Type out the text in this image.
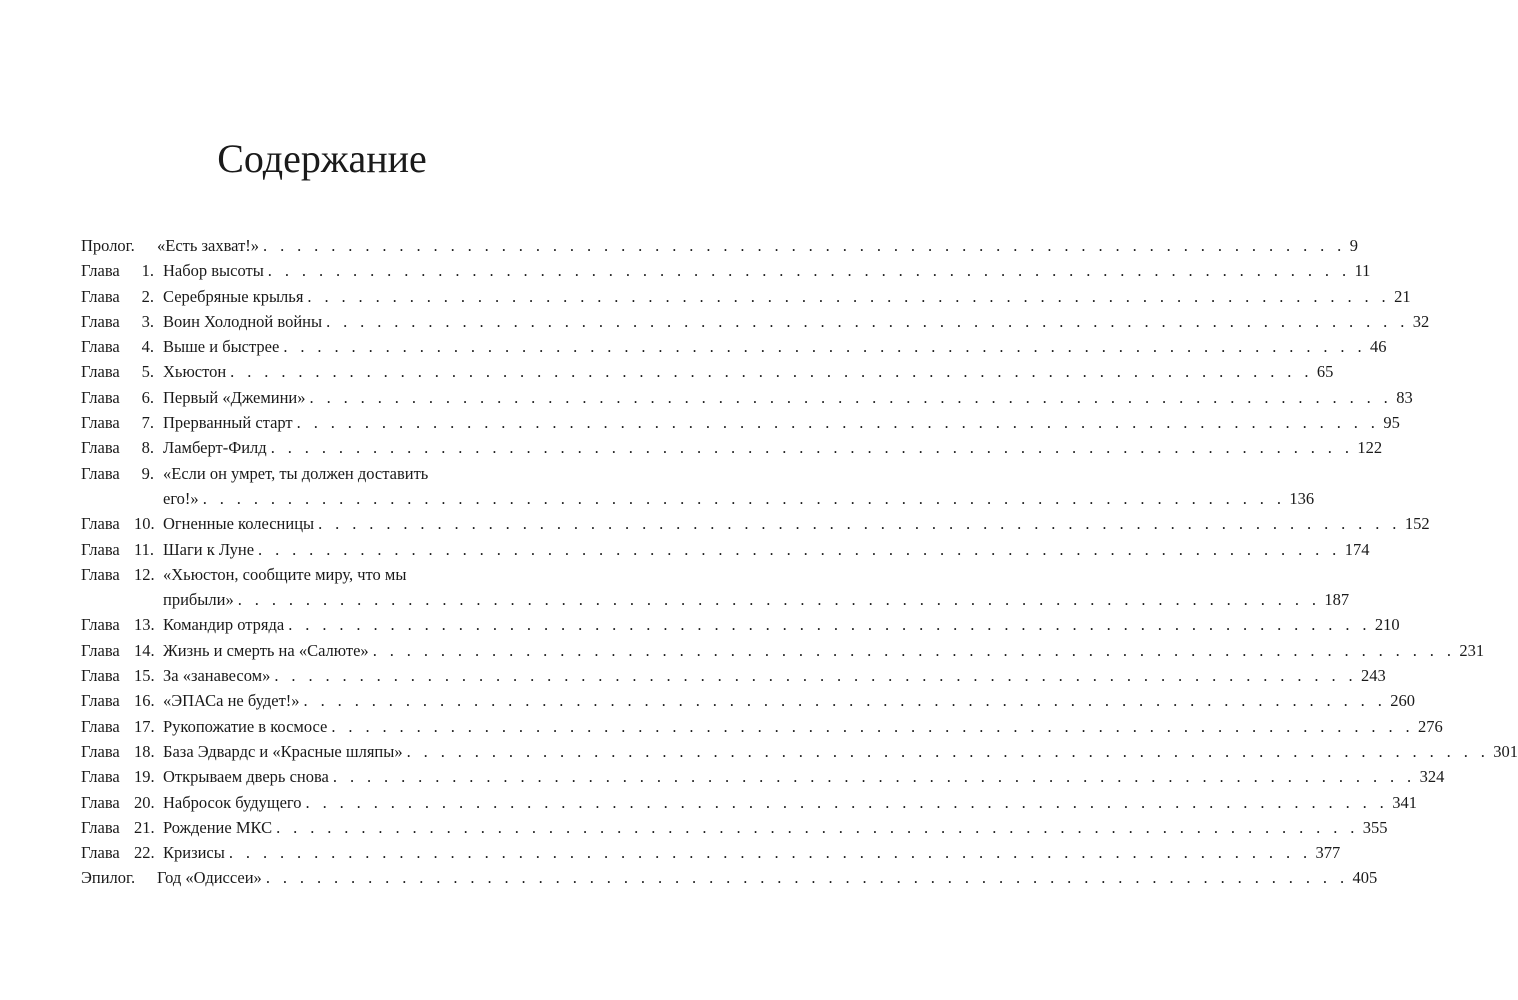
Содержание
Пролог.	«Есть захват!» . . . . . . . . . . . . . . . . . . . . . . . . . . . . . . . . . . . . . . . . . . . . . . . . . . . . . . . . . . . . . . . . 9
Глава	1. Набор высоты . . . . . . . . . . . . . . . . . . . . . . . . . . . . . . . . . . . . . . . . . . . . . . . . . . . . . . . . . . . . . . . . 11
Глава	2. Серебряные крылья . . . . . . . . . . . . . . . . . . . . . . . . . . . . . . . . . . . . . . . . . . . . . . . . . . . . . . . . . . . . . . . . 21
Глава	3. Воин Холодной войны . . . . . . . . . . . . . . . . . . . . . . . . . . . . . . . . . . . . . . . . . . . . . . . . . . . . . . . . . . . . . . . . 32
Глава	4. Выше и быстрее . . . . . . . . . . . . . . . . . . . . . . . . . . . . . . . . . . . . . . . . . . . . . . . . . . . . . . . . . . . . . . . . 46
Глава	5. Хьюстон . . . . . . . . . . . . . . . . . . . . . . . . . . . . . . . . . . . . . . . . . . . . . . . . . . . . . . . . . . . . . . . . 65
Глава	6. Первый «Джемини» . . . . . . . . . . . . . . . . . . . . . . . . . . . . . . . . . . . . . . . . . . . . . . . . . . . . . . . . . . . . . . . . 83
Глава	7. Прерванный старт . . . . . . . . . . . . . . . . . . . . . . . . . . . . . . . . . . . . . . . . . . . . . . . . . . . . . . . . . . . . . . . . 95
Глава	8. Ламберт-Филд . . . . . . . . . . . . . . . . . . . . . . . . . . . . . . . . . . . . . . . . . . . . . . . . . . . . . . . . . . . . . . . . 122
Глава	9. «Если он умрет, ты должен доставить
его!» . . . . . . . . . . . . . . . . . . . . . . . . . . . . . . . . . . . . . . . . . . . . . . . . . . . . . . . . . . . . . . . . 136
Глава 10. Огненные колесницы . . . . . . . . . . . . . . . . . . . . . . . . . . . . . . . . . . . . . . . . . . . . . . . . . . . . . . . . . . . . . . . . 152
Глава 11. Шаги к Луне . . . . . . . . . . . . . . . . . . . . . . . . . . . . . . . . . . . . . . . . . . . . . . . . . . . . . . . . . . . . . . . . 174
Глава 12. «Хьюстон, сообщите миру, что мы
прибыли» . . . . . . . . . . . . . . . . . . . . . . . . . . . . . . . . . . . . . . . . . . . . . . . . . . . . . . . . . . . . . . . . 187
Глава 13. Командир отряда . . . . . . . . . . . . . . . . . . . . . . . . . . . . . . . . . . . . . . . . . . . . . . . . . . . . . . . . . . . . . . . . 210
Глава 14. Жизнь и смерть на «Салюте» . . . . . . . . . . . . . . . . . . . . . . . . . . . . . . . . . . . . . . . . . . . . . . . . . . . . . . . . . . . . . . . . 231
Глава 15. За «занавесом» . . . . . . . . . . . . . . . . . . . . . . . . . . . . . . . . . . . . . . . . . . . . . . . . . . . . . . . . . . . . . . . . 243
Глава 16. «ЭПАСа не будет!» . . . . . . . . . . . . . . . . . . . . . . . . . . . . . . . . . . . . . . . . . . . . . . . . . . . . . . . . . . . . . . . . 260
Глава 17. Рукопожатие в космосе . . . . . . . . . . . . . . . . . . . . . . . . . . . . . . . . . . . . . . . . . . . . . . . . . . . . . . . . . . . . . . . . 276
Глава 18. База Эдвардс и «Красные шляпы» . . . . . . . . . . . . . . . . . . . . . . . . . . . . . . . . . . . . . . . . . . . . . . . . . . . . . . . . . . . . . . . . 301
Глава 19. Открываем дверь снова . . . . . . . . . . . . . . . . . . . . . . . . . . . . . . . . . . . . . . . . . . . . . . . . . . . . . . . . . . . . . . . . 324
Глава 20. Набросок будущего . . . . . . . . . . . . . . . . . . . . . . . . . . . . . . . . . . . . . . . . . . . . . . . . . . . . . . . . . . . . . . . . 341
Глава 21. Рождение МКС . . . . . . . . . . . . . . . . . . . . . . . . . . . . . . . . . . . . . . . . . . . . . . . . . . . . . . . . . . . . . . . . 355
Глава 22. Кризисы . . . . . . . . . . . . . . . . . . . . . . . . . . . . . . . . . . . . . . . . . . . . . . . . . . . . . . . . . . . . . . . . 377
Эпилог.	Год «Одиссеи» . . . . . . . . . . . . . . . . . . . . . . . . . . . . . . . . . . . . . . . . . . . . . . . . . . . . . . . . . . . . . . . . 405
